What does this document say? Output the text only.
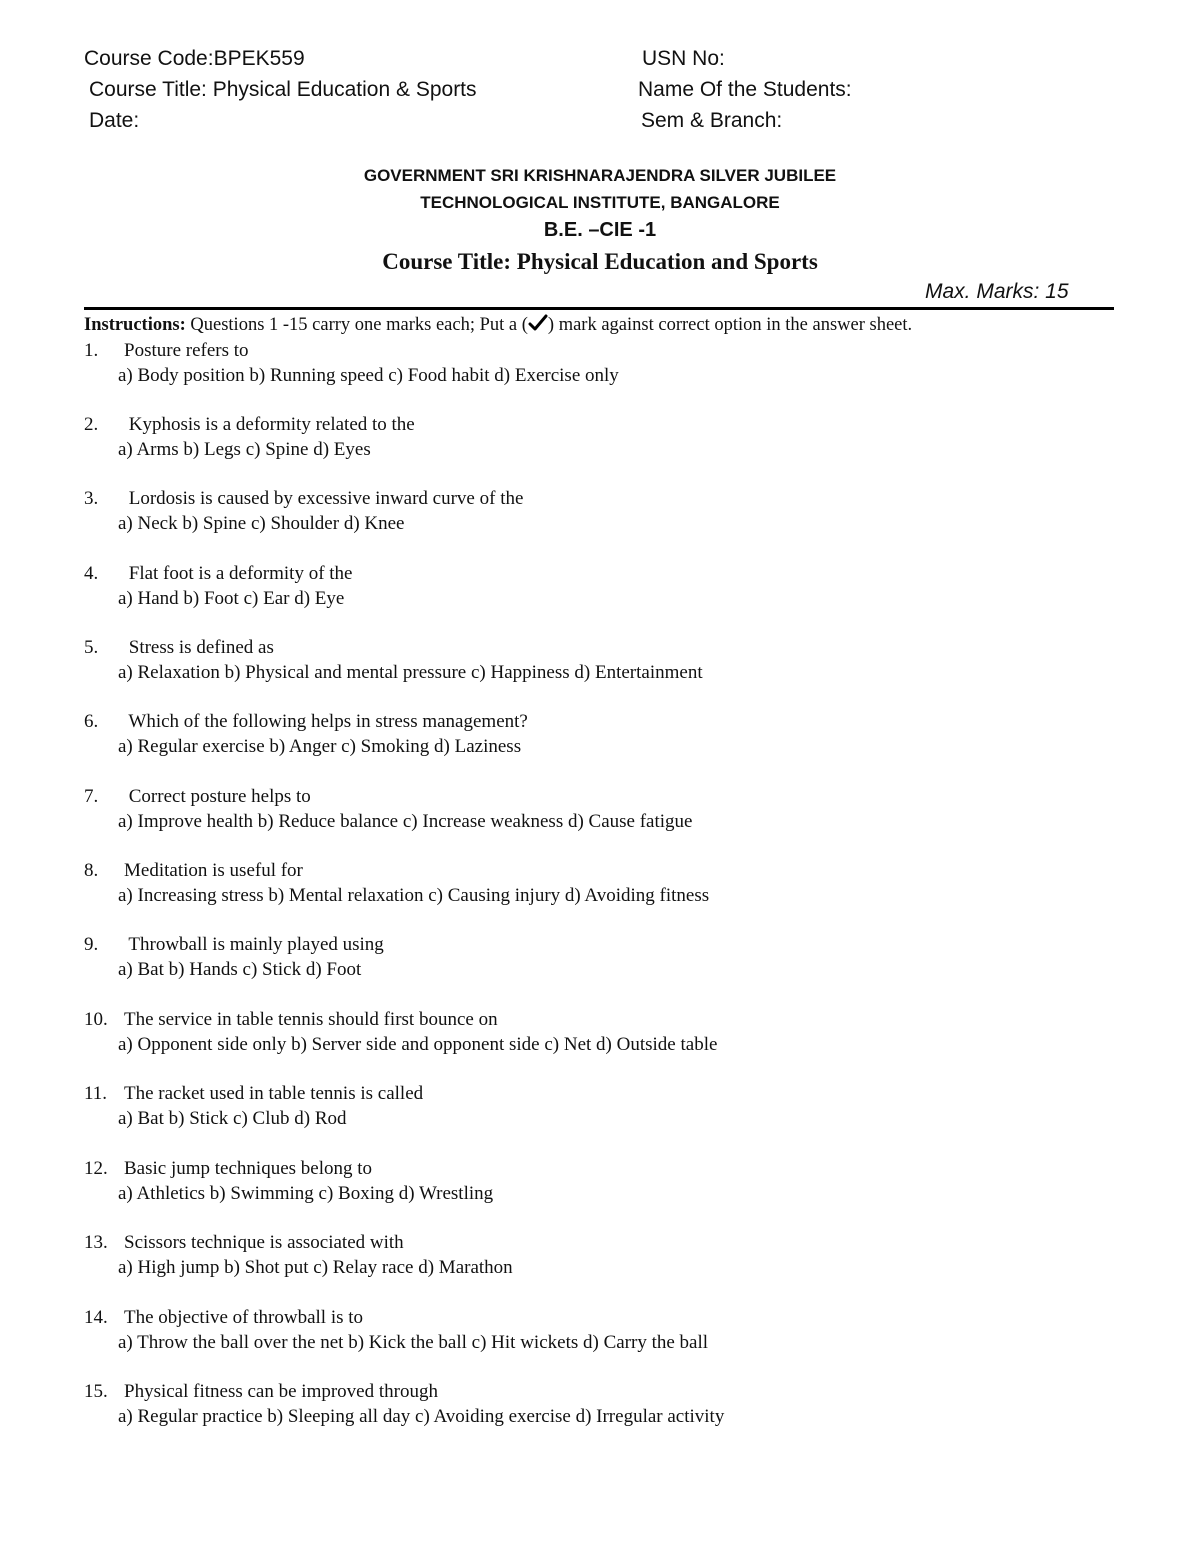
Course Code:BPEK559
Course Title: Physical Education & Sports
Date:
USN No:
Name Of the Students:
Sem & Branch:
GOVERNMENT SRI KRISHNARAJENDRA SILVER JUBILEE
TECHNOLOGICAL INSTITUTE, BANGALORE
B.E. –CIE -1
Course Title: Physical Education and Sports
Max. Marks: 15
Instructions: Questions 1 -15 carry one marks each; Put a ( ) mark against correct option in the answer sheet.
1. Posture refers to
a) Body position b) Running speed c) Food habit d) Exercise only
2. Kyphosis is a deformity related to the
a) Arms b) Legs c) Spine d) Eyes
3. Lordosis is caused by excessive inward curve of the
a) Neck b) Spine c) Shoulder d) Knee
4. Flat foot is a deformity of the
a) Hand b) Foot c) Ear d) Eye
5. Stress is defined as
a) Relaxation b) Physical and mental pressure c) Happiness d) Entertainment
6. Which of the following helps in stress management?
a) Regular exercise b) Anger c) Smoking d) Laziness
7. Correct posture helps to
a) Improve health b) Reduce balance c) Increase weakness d) Cause fatigue
8. Meditation is useful for
a) Increasing stress b) Mental relaxation c) Causing injury d) Avoiding fitness
9. Throwball is mainly played using
a) Bat b) Hands c) Stick d) Foot
10. The service in table tennis should first bounce on
a) Opponent side only b) Server side and opponent side c) Net d) Outside table
11. The racket used in table tennis is called
a) Bat b) Stick c) Club d) Rod
12. Basic jump techniques belong to
a) Athletics b) Swimming c) Boxing d) Wrestling
13. Scissors technique is associated with
a) High jump b) Shot put c) Relay race d) Marathon
14. The objective of throwball is to
a) Throw the ball over the net b) Kick the ball c) Hit wickets d) Carry the ball
15. Physical fitness can be improved through
a) Regular practice b) Sleeping all day c) Avoiding exercise d) Irregular activity
